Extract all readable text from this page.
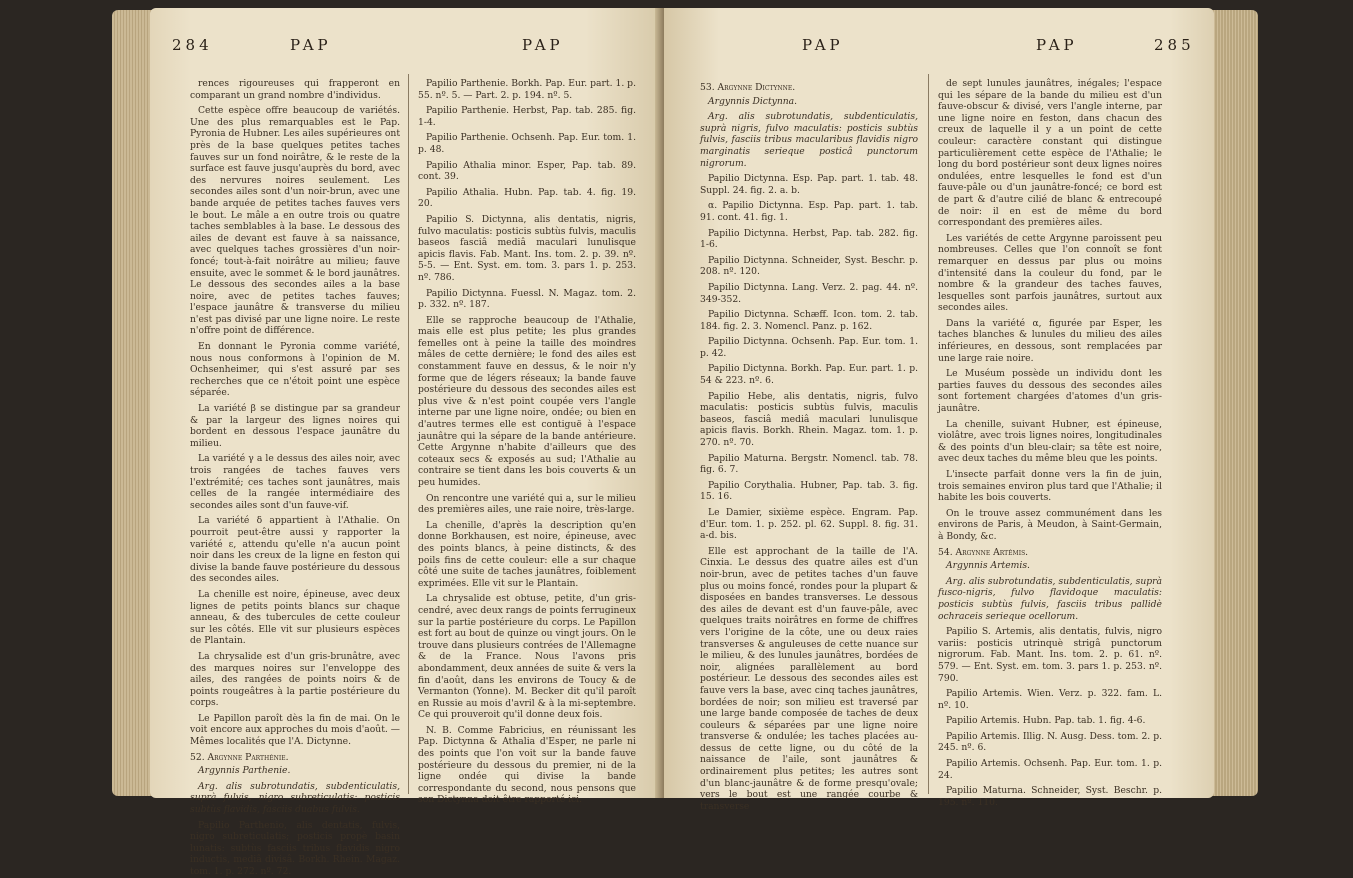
284	PAP	PAP

rences rigoureuses qui frapperont en comparant un grand nombre d'individus.

Cette espèce offre beaucoup de variétés. Une des plus remarquables est le Pap. Pyronia de Hubner. Les ailes supérieures ont près de la base quelques petites taches fauves sur un fond noirâtre, & le reste de la surface est fauve jusqu'auprès du bord, avec des nervures noires seulement. Les secondes ailes sont d'un noir-brun, avec une bande arquée de petites taches fauves vers le bout. Le mâle a en outre trois ou quatre taches semblables à la base. Le dessous des ailes de devant est fauve à sa naissance, avec quelques taches grossières d'un noir-foncé; tout-à-fait noirâtre au milieu; fauve ensuite, avec le sommet & le bord jaunâtres. Le dessous des secondes ailes a la base noire, avec de petites taches fauves; l'espace jaunâtre & transverse du milieu n'est pas divisé par une ligne noire. Le reste n'offre point de différence.

En donnant le Pyronia comme variété, nous nous conformons à l'opinion de M. Ochsenheimer, qui s'est assuré par ses recherches que ce n'étoit point une espèce séparée.

La variété β se distingue par sa grandeur & par la largeur des lignes noires qui bordent en dessous l'espace jaunâtre du milieu.

La variété γ a le dessus des ailes noir, avec trois rangées de taches fauves vers l'extrémité; ces taches sont jaunâtres, mais celles de la rangée intermédiaire des secondes ailes sont d'un fauve-vif.

La variété δ appartient à l'Athalie. On pourroit peut-être aussi y rapporter la variété ε, attendu qu'elle n'a aucun point noir dans les creux de la ligne en feston qui divise la bande fauve postérieure du dessous des secondes ailes.

La chenille est noire, épineuse, avec deux lignes de petits points blancs sur chaque anneau, & des tubercules de cette couleur sur les côtés. Elle vit sur plusieurs espèces de Plantain.

La chrysalide est d'un gris-brunâtre, avec des marques noires sur l'enveloppe des ailes, des rangées de points noirs & de points rougeâtres à la partie postérieure du corps.

Le Papillon paroît dès la fin de mai. On le voit encore aux approches du mois d'août. — Mêmes localités que l'A. Dictynne.

52. Argynne Parthénie.

Argynnis Parthenie.

Arg. alis subrotundatis, subdenticulatis, suprà fulvis, nigro subreticulatis: posticis subtùs flavidis, fasciis duabus fulvis.

Papilio Parthenio, alis dentatis, fulvis, nigro subreticulatis; posticis propè basin lunatis: subtùs fasciis tribus flavidis nigro inductis, mediâ divisâ. Borkh. Rhein. Magaz. tom. 1. p. 272. nº. 72.

Papilio Parthenie. Borkh. Pap. Eur. part. 1. p. 55. nº. 5. — Part. 2. p. 194. nº. 5.

Papilio Parthenie. Herbst, Pap. tab. 285. fig. 1-4.

Papilio Parthenie. Ochsenh. Pap. Eur. tom. 1. p. 48.

Papilio Athalia minor. Esper, Pap. tab. 89. cont. 39.

Papilio Athalia. Hubn. Pap. tab. 4. fig. 19. 20.

Papilio S. Dictynna, alis dentatis, nigris, fulvo maculatis: posticis subtùs fulvis, maculis baseos fasciâ mediâ maculari lunulisque apicis flavis. Fab. Mant. Ins. tom. 2. p. 39. nº. 5-5. — Ent. Syst. em. tom. 3. pars 1. p. 253. nº. 786.

Papilio Dictynna. Fuessl. N. Magaz. tom. 2. p. 332. nº. 187.

Elle se rapproche beaucoup de l'Athalie, mais elle est plus petite; les plus grandes femelles ont à peine la taille des moindres mâles de cette dernière; le fond des ailes est constamment fauve en dessus, & le noir n'y forme que de légers réseaux; la bande fauve postérieure du dessous des secondes ailes est plus vive & n'est point coupée vers l'angle interne par une ligne noire, ondée; ou bien en d'autres termes elle est contiguë à l'espace jaunâtre qui la sépare de la bande antérieure. Cette Argynne n'habite d'ailleurs que des coteaux secs & exposés au sud; l'Athalie au contraire se tient dans les bois couverts & un peu humides.

On rencontre une variété qui a, sur le milieu des premières ailes, une raie noire, très-large.

La chenille, d'après la description qu'en donne Borkhausen, est noire, épineuse, avec des points blancs, à peine distincts, & des poils fins de cette couleur: elle a sur chaque côté une suite de taches jaunâtres, foiblement exprimées. Elle vit sur le Plantain.

La chrysalide est obtuse, petite, d'un gris-cendré, avec deux rangs de points ferrugineux sur la partie postérieure du corps. Le Papillon est fort au bout de quinze ou vingt jours. On le trouve dans plusieurs contrées de l'Allemagne & de la France. Nous l'avons pris abondamment, deux années de suite & vers la fin d'août, dans les environs de Toucy & de Vermanton (Yonne). M. Becker dit qu'il paroît en Russie au mois d'avril & à la mi-septembre. Ce qui prouveroit qu'il donne deux fois.

N. B. Comme Fabricius, en réunissant les Pap. Dictynna & Athalia d'Esper, ne parle ni des points que l'on voit sur la bande fauve postérieure du dessous du premier, ni de la ligne ondée qui divise la bande correspondante du second, nous pensons que son Dictynna doit être rapporté ici.

PAP	PAP	285

53. Argynne Dictynne.

Argynnis Dictynna.

Arg. alis subrotundatis, subdenticulatis, suprà nigris, fulvo maculatis: posticis subtùs fulvis, fasciis tribus macularibus flavidis nigro marginatis serieque posticâ punctorum nigrorum.

Papilio Dictynna. Esp. Pap. part. 1. tab. 48. Suppl. 24. fig. 2. a. b.

α. Papilio Dictynna. Esp. Pap. part. 1. tab. 91. cont. 41. fig. 1.

Papilio Dictynna. Herbst, Pap. tab. 282. fig. 1-6.

Papilio Dictynna. Schneider, Syst. Beschr. p. 208. nº. 120.

Papilio Dictynna. Lang. Verz. 2. pag. 44. nº. 349-352.

Papilio Dictynna. Schæff. Icon. tom. 2. tab. 184. fig. 2. 3. Nomencl. Panz. p. 162.

Papilio Dictynna. Ochsenh. Pap. Eur. tom. 1. p. 42.

Papilio Dictynna. Borkh. Pap. Eur. part. 1. p. 54 & 223. nº. 6.

Papilio Hebe, alis dentatis, nigris, fulvo maculatis: posticis subtùs fulvis, maculis baseos, fasciâ mediâ maculari lunulisque apicis flavis. Borkh. Rhein. Magaz. tom. 1. p. 270. nº. 70.

Papilio Maturna. Bergstr. Nomencl. tab. 78. fig. 6. 7.

Papilio Corythalia. Hubner, Pap. tab. 3. fig. 15. 16.

Le Damier, sixième espèce. Engram. Pap. d'Eur. tom. 1. p. 252. pl. 62. Suppl. 8. fig. 31. a-d. bis.

Elle est approchant de la taille de l'A. Cinxia. Le dessus des quatre ailes est d'un noir-brun, avec de petites taches d'un fauve plus ou moins foncé, rondes pour la plupart & disposées en bandes transverses. Le dessous des ailes de devant est d'un fauve-pâle, avec quelques traits noirâtres en forme de chiffres vers l'origine de la côte, une ou deux raies transverses & anguleuses de cette nuance sur le milieu, & des lunules jaunâtres, bordées de noir, alignées parallèlement au bord postérieur. Le dessous des secondes ailes est fauve vers la base, avec cinq taches jaunâtres, bordées de noir; son milieu est traversé par une large bande composée de taches de deux couleurs & séparées par une ligne noire transverse & ondulée; les taches placées au-dessus de cette ligne, ou du côté de la naissance de l'aile, sont jaunâtres & ordinairement plus petites; les autres sont d'un blanc-jaunâtre & de forme presqu'ovale; vers le bout est une rangée courbe & transverse

de sept lunules jaunâtres, inégales; l'espace qui les sépare de la bande du milieu est d'un fauve-obscur & divisé, vers l'angle interne, par une ligne noire en feston, dans chacun des creux de laquelle il y a un point de cette couleur: caractère constant qui distingue particulièrement cette espèce de l'Athalie; le long du bord postérieur sont deux lignes noires ondulées, entre lesquelles le fond est d'un fauve-pâle ou d'un jaunâtre-foncé; ce bord est de part & d'autre cilié de blanc & entrecoupé de noir: il en est de même du bord correspondant des premières ailes.

Les variétés de cette Argynne paroissent peu nombreuses. Celles que l'on connoît se font remarquer en dessus par plus ou moins d'intensité dans la couleur du fond, par le nombre & la grandeur des taches fauves, lesquelles sont parfois jaunâtres, surtout aux secondes ailes.

Dans la variété α, figurée par Esper, les taches blanches & lunules du milieu des ailes inférieures, en dessous, sont remplacées par une large raie noire.

Le Muséum possède un individu dont les parties fauves du dessous des secondes ailes sont fortement chargées d'atomes d'un gris-jaunâtre.

La chenille, suivant Hubner, est épineuse, violâtre, avec trois lignes noires, longitudinales & des points d'un bleu-clair; sa tête est noire, avec deux taches du même bleu que les points.

L'insecte parfait donne vers la fin de juin, trois semaines environ plus tard que l'Athalie; il habite les bois couverts.

On le trouve assez communément dans les environs de Paris, à Meudon, à Saint-Germain, à Bondy, &c.

54. Argynne Artémis.

Argynnis Artemis.

Arg. alis subrotundatis, subdenticulatis, suprà fusco-nigris, fulvo flavidoque maculatis: posticis subtùs fulvis, fasciis tribus pallidè ochraceis serieque ocellorum.

Papilio S. Artemis, alis dentatis, fulvis, nigro variis: posticis utrinquè strigâ punctorum nigrorum. Fab. Mant. Ins. tom. 2. p. 61. nº. 579. — Ent. Syst. em. tom. 3. pars 1. p. 253. nº. 790.

Papilio Artemis. Wien. Verz. p. 322. fam. L. nº. 10.

Papilio Artemis. Hubn. Pap. tab. 1. fig. 4-6.

Papilio Artemis. Illig. N. Ausg. Dess. tom. 2. p. 245. nº. 6.

Papilio Artemis. Ochsenh. Pap. Eur. tom. 1. p. 24.

Papilio Maturna. Schneider, Syst. Beschr. p. 195. nº. 110.
